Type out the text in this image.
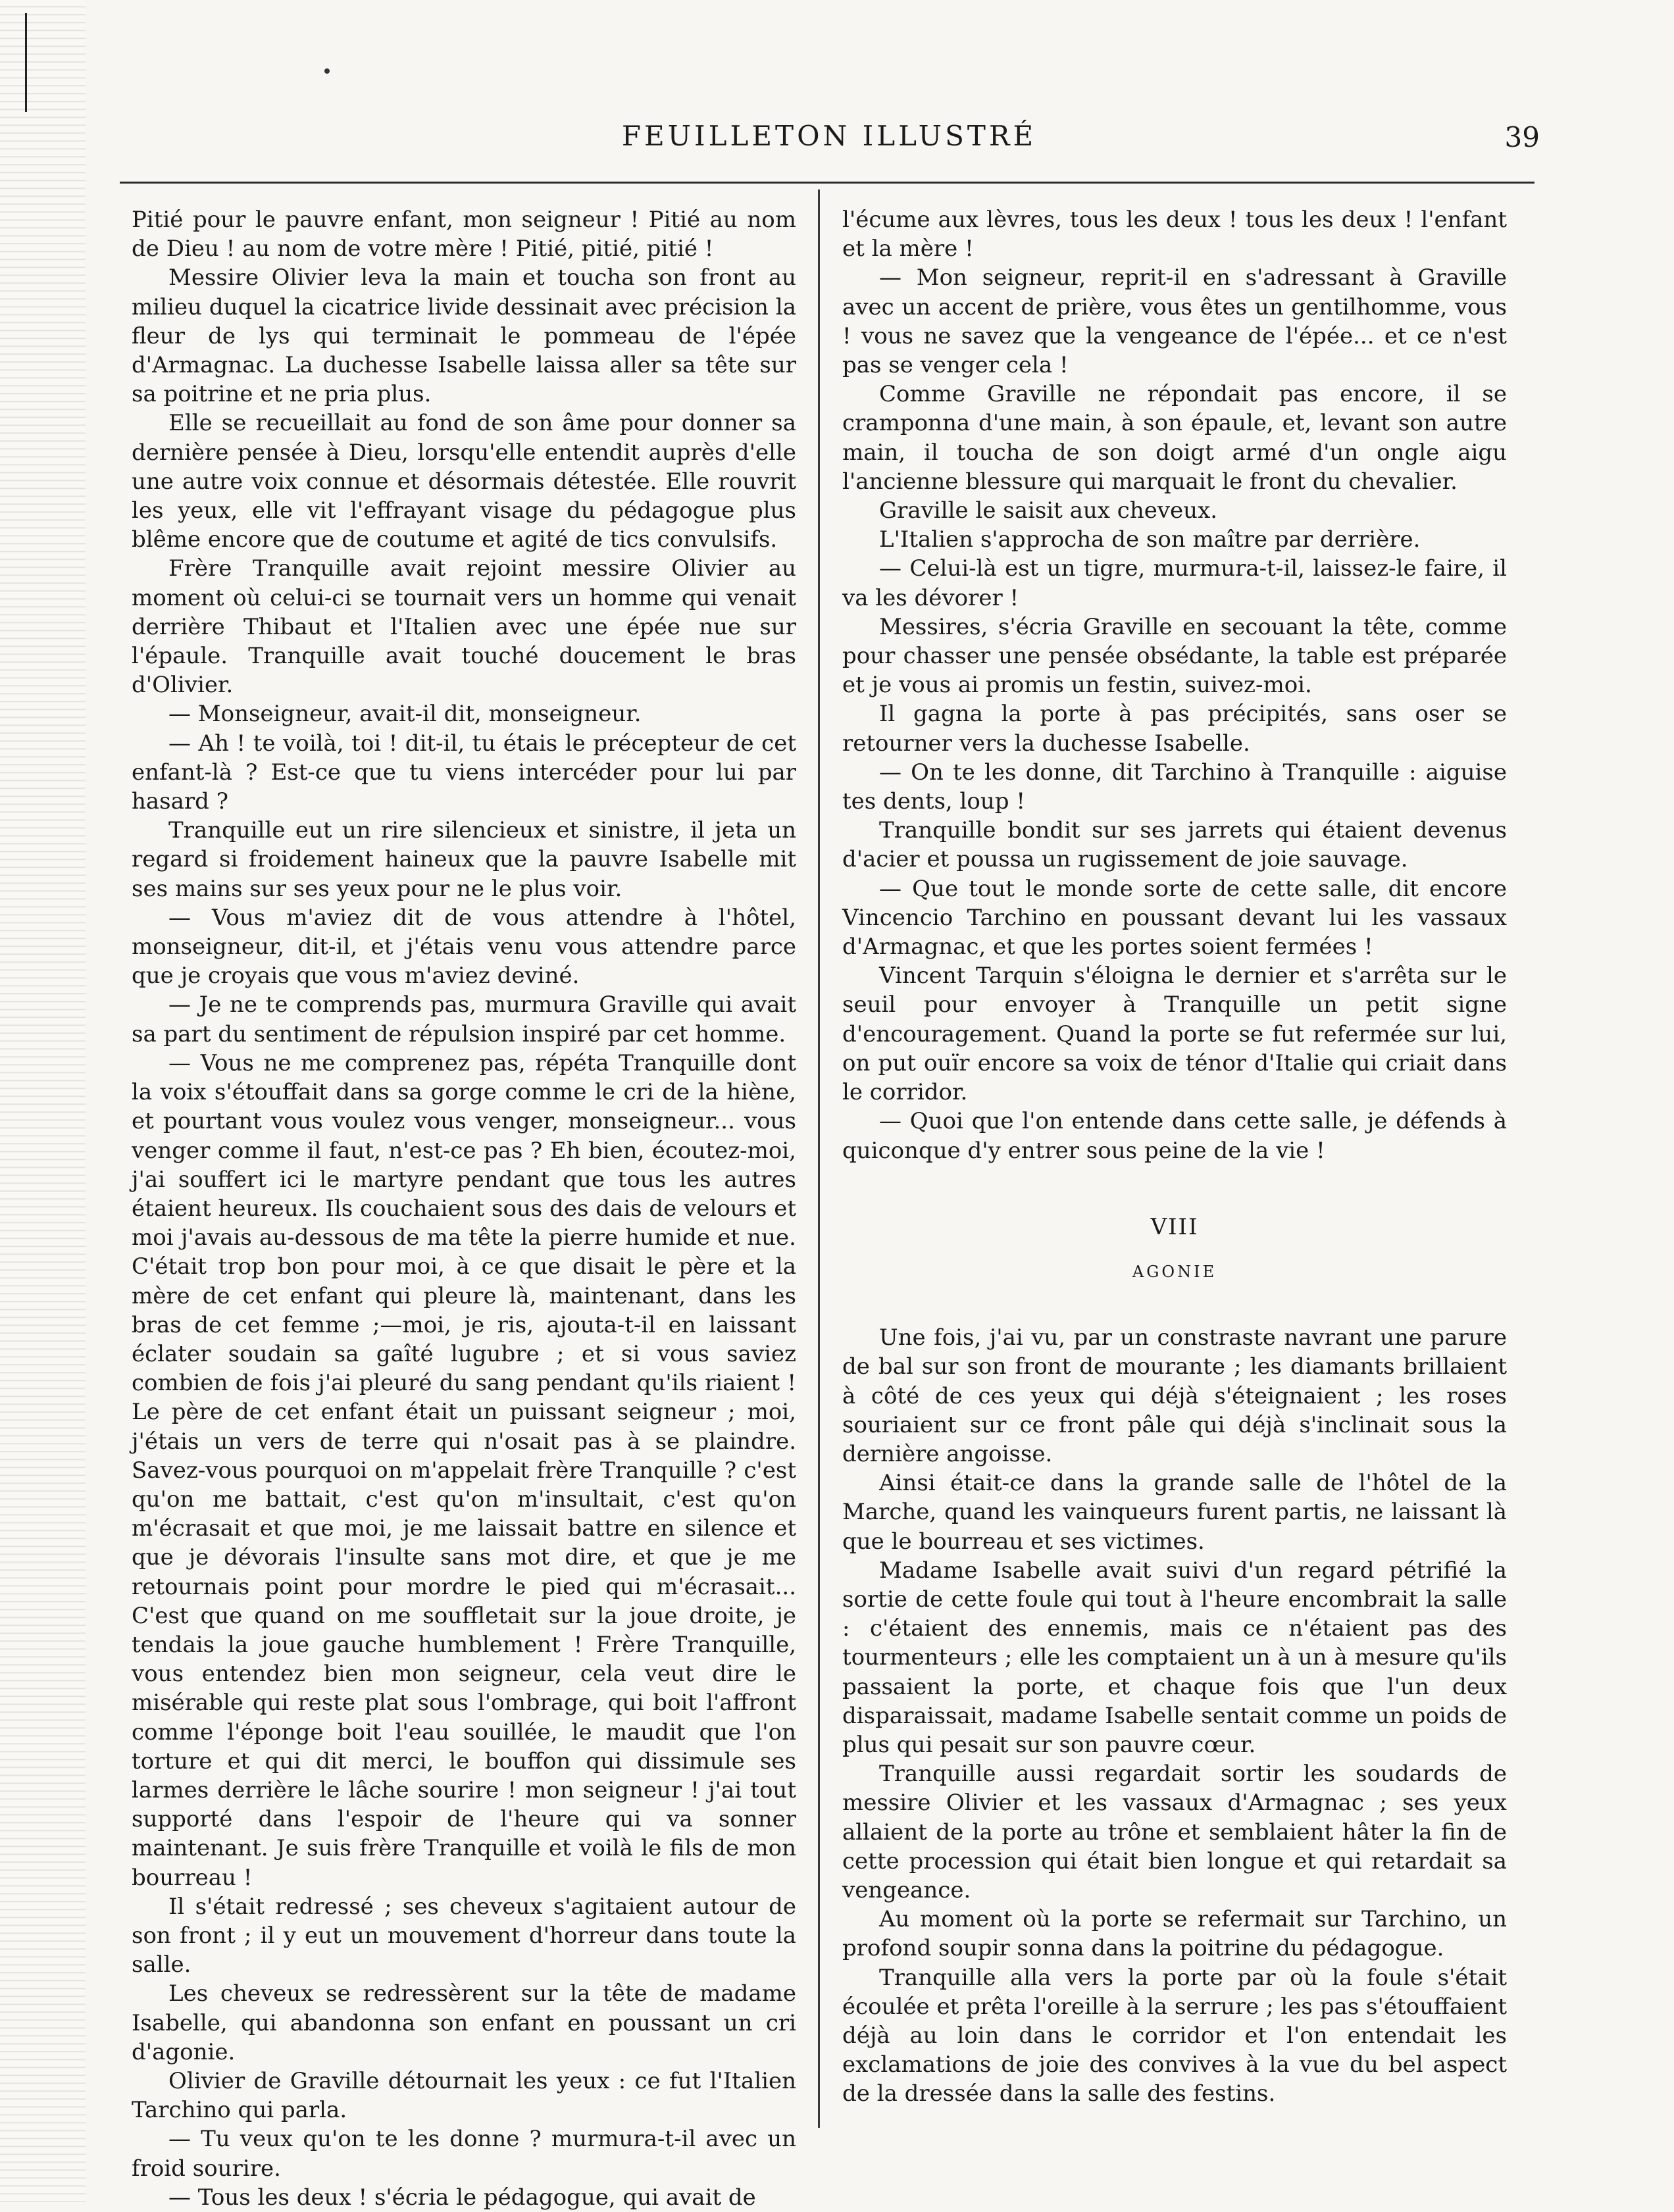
FEUILLETON ILLUSTRÉ	39

Pitié pour le pauvre enfant, mon seigneur ! Pitié au nom de Dieu ! au nom de votre mère ! Pitié, pitié, pitié !

Messire Olivier leva la main et toucha son front au milieu duquel la cicatrice livide dessinait avec précision la fleur de lys qui terminait le pommeau de l'épée d'Armagnac. La duchesse Isabelle laissa aller sa tête sur sa poitrine et ne pria plus.

Elle se recueillait au fond de son âme pour donner sa dernière pensée à Dieu, lorsqu'elle entendit auprès d'elle une autre voix connue et désormais détestée. Elle rouvrit les yeux, elle vit l'effrayant visage du pédagogue plus blême encore que de coutume et agité de tics convulsifs.

Frère Tranquille avait rejoint messire Olivier au moment où celui-ci se tournait vers un homme qui venait derrière Thibaut et l'Italien avec une épée nue sur l'épaule. Tranquille avait touché doucement le bras d'Olivier.

— Monseigneur, avait-il dit, monseigneur.

— Ah ! te voilà, toi ! dit-il, tu étais le précepteur de cet enfant-là ? Est-ce que tu viens intercéder pour lui par hasard ?

Tranquille eut un rire silencieux et sinistre, il jeta un regard si froidement haineux que la pauvre Isabelle mit ses mains sur ses yeux pour ne le plus voir.

— Vous m'aviez dit de vous attendre à l'hôtel, monseigneur, dit-il, et j'étais venu vous attendre parce que je croyais que vous m'aviez deviné.

— Je ne te comprends pas, murmura Graville qui avait sa part du sentiment de répulsion inspiré par cet homme.

— Vous ne me comprenez pas, répéta Tranquille dont la voix s'étouffait dans sa gorge comme le cri de la hiène, et pourtant vous voulez vous venger, monseigneur... vous venger comme il faut, n'est-ce pas ? Eh bien, écoutez-moi, j'ai souffert ici le martyre pendant que tous les autres étaient heureux. Ils couchaient sous des dais de velours et moi j'avais au-dessous de ma tête la pierre humide et nue. C'était trop bon pour moi, à ce que disait le père et la mère de cet enfant qui pleure là, maintenant, dans les bras de cet femme ;—moi, je ris, ajouta-t-il en laissant éclater soudain sa gaîté lugubre ; et si vous saviez combien de fois j'ai pleuré du sang pendant qu'ils riaient ! Le père de cet enfant était un puissant seigneur ; moi, j'étais un vers de terre qui n'osait pas à se plaindre. Savez-vous pourquoi on m'appelait frère Tranquille ? c'est qu'on me battait, c'est qu'on m'insultait, c'est qu'on m'écrasait et que moi, je me laissait battre en silence et que je dévorais l'insulte sans mot dire, et que je me retournais point pour mordre le pied qui m'écrasait... C'est que quand on me souffletait sur la joue droite, je tendais la joue gauche humblement ! Frère Tranquille, vous entendez bien mon seigneur, cela veut dire le misérable qui reste plat sous l'ombrage, qui boit l'affront comme l'éponge boit l'eau souillée, le maudit que l'on torture et qui dit merci, le bouffon qui dissimule ses larmes derrière le lâche sourire ! mon seigneur ! j'ai tout supporté dans l'espoir de l'heure qui va sonner maintenant. Je suis frère Tranquille et voilà le fils de mon bourreau !

Il s'était redressé ; ses cheveux s'agitaient autour de son front ; il y eut un mouvement d'horreur dans toute la salle.

Les cheveux se redressèrent sur la tête de madame Isabelle, qui abandonna son enfant en poussant un cri d'agonie.

Olivier de Graville détournait les yeux : ce fut l'Italien Tarchino qui parla.

— Tu veux qu'on te les donne ? murmura-t-il avec un froid sourire.

— Tous les deux ! s'écria le pédagogue, qui avait de

l'écume aux lèvres, tous les deux ! tous les deux ! l'enfant et la mère !

— Mon seigneur, reprit-il en s'adressant à Graville avec un accent de prière, vous êtes un gentilhomme, vous ! vous ne savez que la vengeance de l'épée... et ce n'est pas se venger cela !

Comme Graville ne répondait pas encore, il se cramponna d'une main, à son épaule, et, levant son autre main, il toucha de son doigt armé d'un ongle aigu l'ancienne blessure qui marquait le front du chevalier.

Graville le saisit aux cheveux.

L'Italien s'approcha de son maître par derrière.

— Celui-là est un tigre, murmura-t-il, laissez-le faire, il va les dévorer !

Messires, s'écria Graville en secouant la tête, comme pour chasser une pensée obsédante, la table est préparée et je vous ai promis un festin, suivez-moi.

Il gagna la porte à pas précipités, sans oser se retourner vers la duchesse Isabelle.

— On te les donne, dit Tarchino à Tranquille : aiguise tes dents, loup !

Tranquille bondit sur ses jarrets qui étaient devenus d'acier et poussa un rugissement de joie sauvage.

— Que tout le monde sorte de cette salle, dit encore Vincencio Tarchino en poussant devant lui les vassaux d'Armagnac, et que les portes soient fermées !

Vincent Tarquin s'éloigna le dernier et s'arrêta sur le seuil pour envoyer à Tranquille un petit signe d'encouragement. Quand la porte se fut refermée sur lui, on put ouïr encore sa voix de ténor d'Italie qui criait dans le corridor.

— Quoi que l'on entende dans cette salle, je défends à quiconque d'y entrer sous peine de la vie !

VIII
AGONIE

Une fois, j'ai vu, par un constraste navrant une parure de bal sur son front de mourante ; les diamants brillaient à côté de ces yeux qui déjà s'éteignaient ; les roses souriaient sur ce front pâle qui déjà s'inclinait sous la dernière angoisse.

Ainsi était-ce dans la grande salle de l'hôtel de la Marche, quand les vainqueurs furent partis, ne laissant là que le bourreau et ses victimes.

Madame Isabelle avait suivi d'un regard pétrifié la sortie de cette foule qui tout à l'heure encombrait la salle : c'étaient des ennemis, mais ce n'étaient pas des tourmenteurs ; elle les comptaient un à un à mesure qu'ils passaient la porte, et chaque fois que l'un deux disparaissait, madame Isabelle sentait comme un poids de plus qui pesait sur son pauvre cœur.

Tranquille aussi regardait sortir les soudards de messire Olivier et les vassaux d'Armagnac ; ses yeux allaient de la porte au trône et semblaient hâter la fin de cette procession qui était bien longue et qui retardait sa vengeance.

Au moment où la porte se refermait sur Tarchino, un profond soupir sonna dans la poitrine du pédagogue.

Tranquille alla vers la porte par où la foule s'était écoulée et prêta l'oreille à la serrure ; les pas s'étouffaient déjà au loin dans le corridor et l'on entendait les exclamations de joie des convives à la vue du bel aspect de la dressée dans la salle des festins.
